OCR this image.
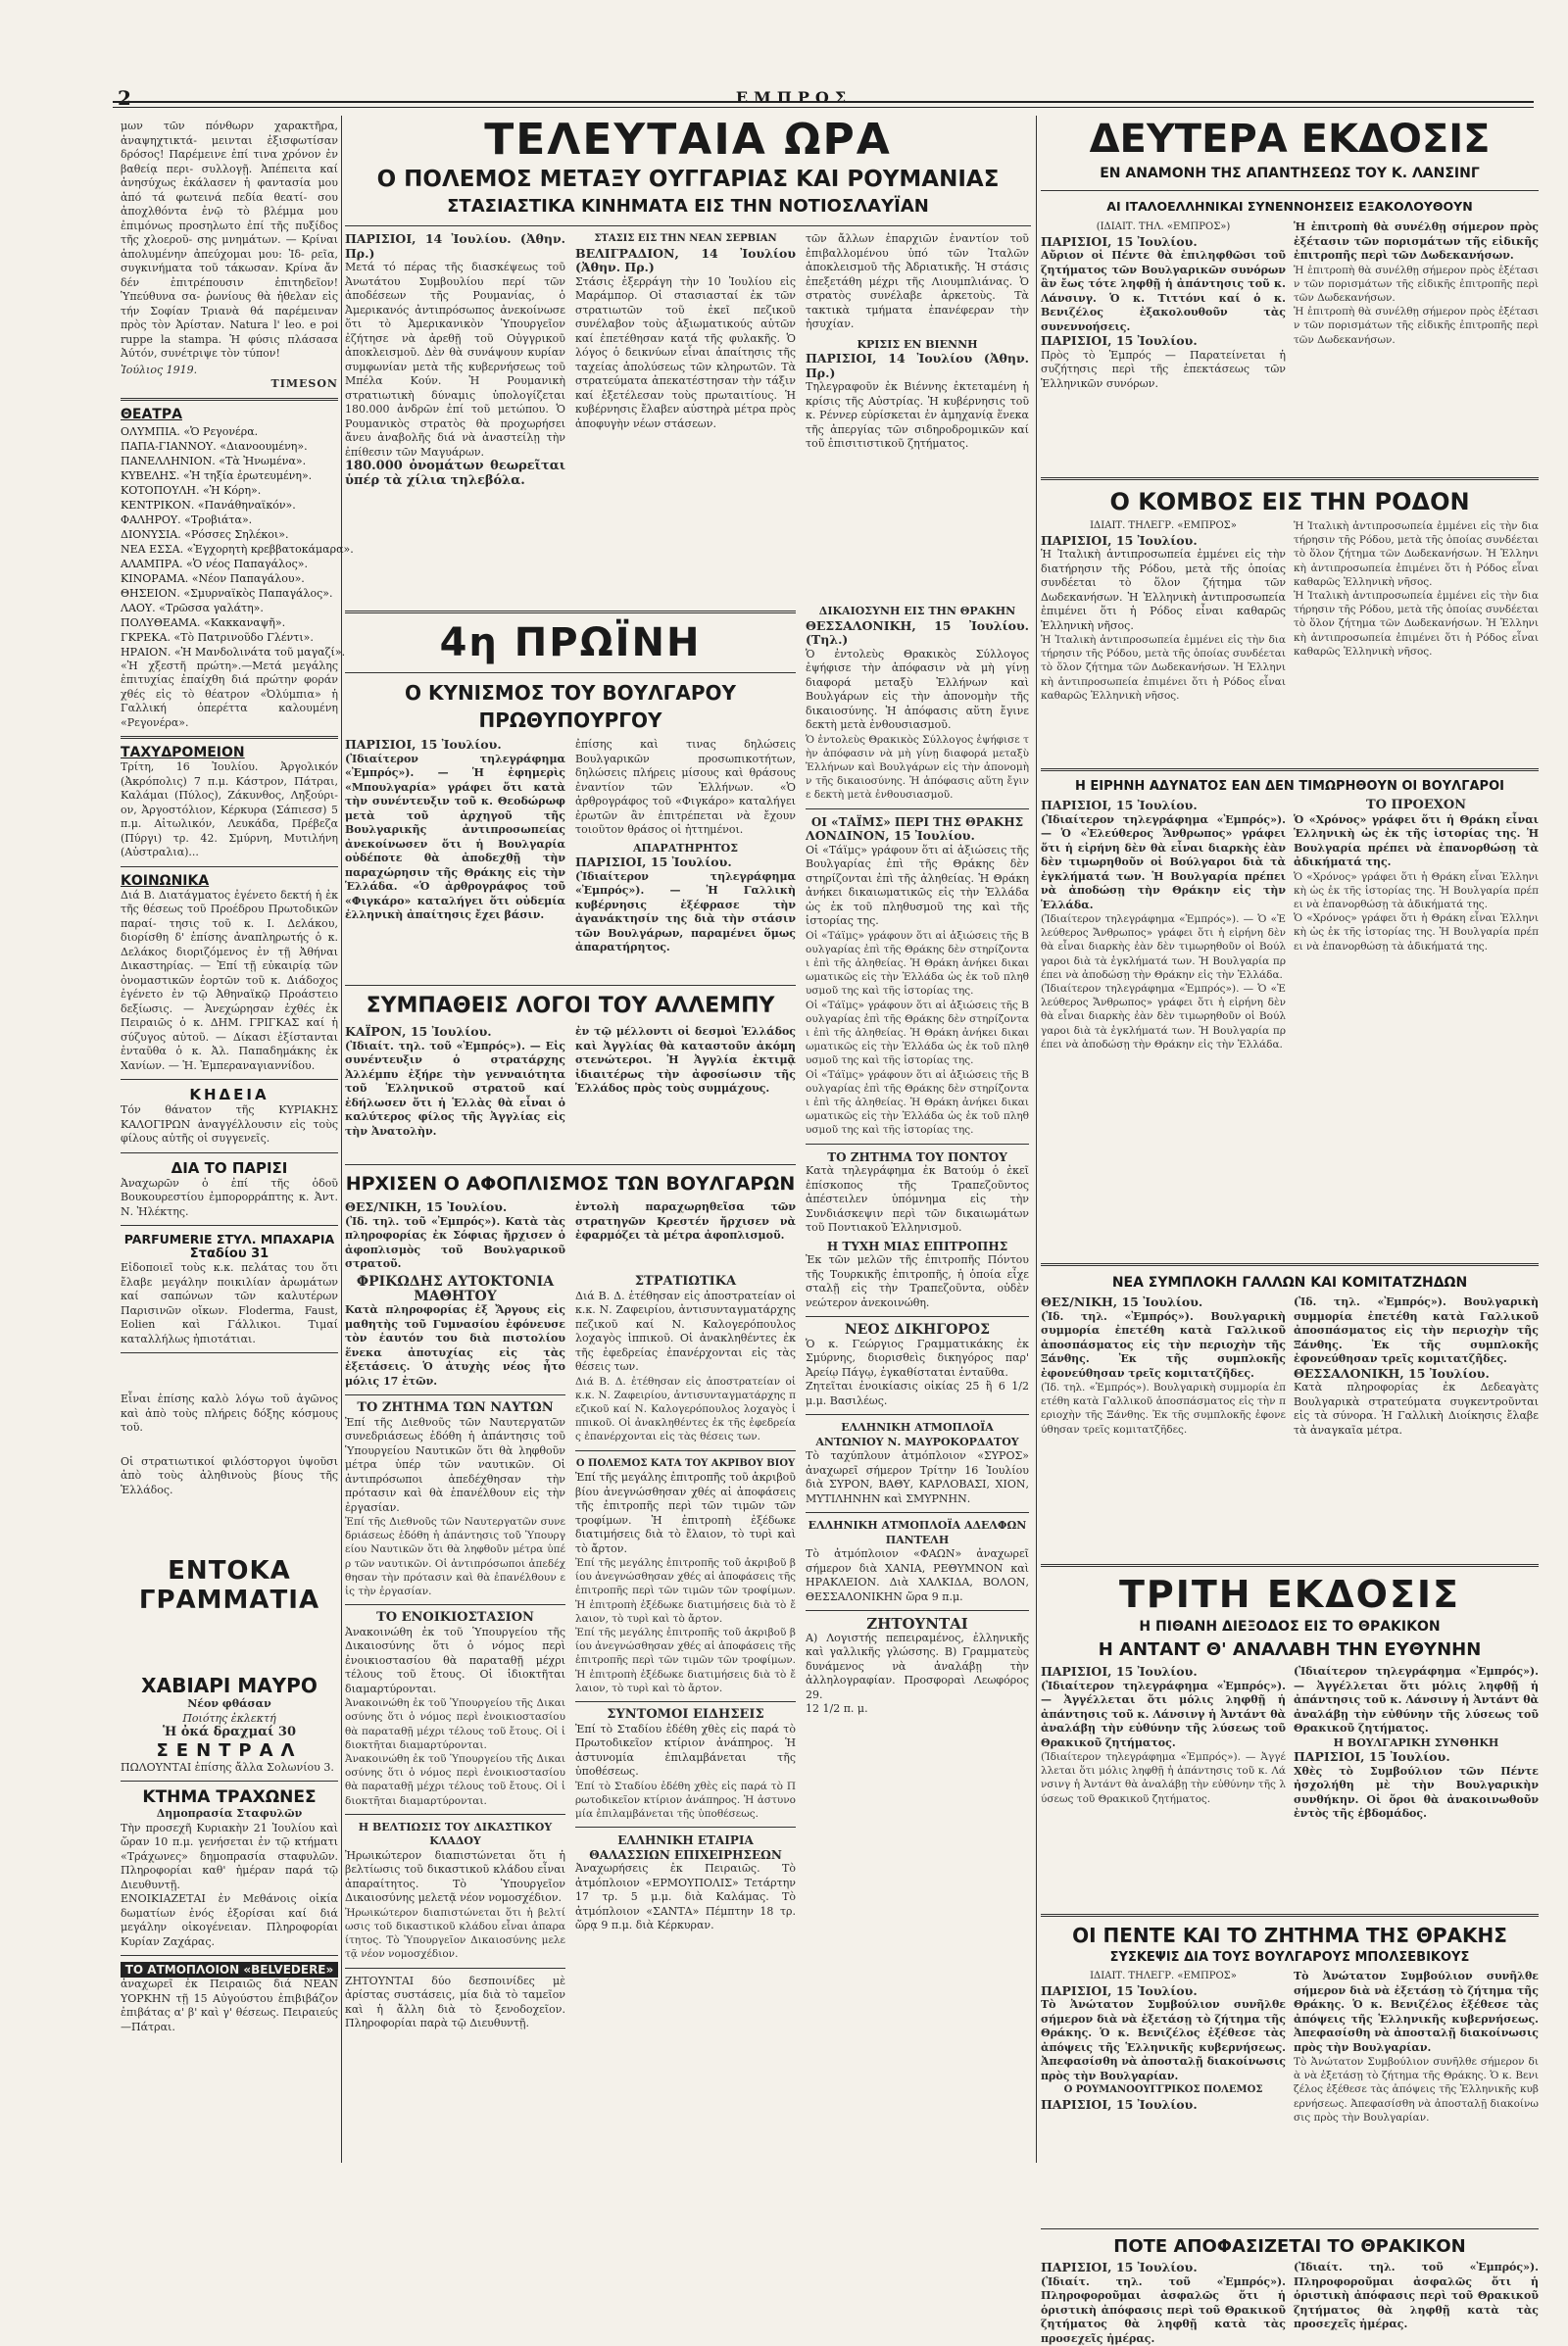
2	ΕΜΠΡΟΣ
μων τῶν πόνθωρν χαρακτῆρα, ἀναψηχτικτά- μεινται ἐξισφωτίσαν δρόσος! Παρέμεινε ἐπί τινα χρόνον ἐν βαθείᾳ περι- συλλογῇ. Ἀπέπειτα καί ἀνησύχως ἐκάλασεν ἡ φαντασία μου ἀπό τά φωτεινά πεδία θεατί- σου ἀποχλθόντα ἐνῷ τὸ βλέμμα μου ἐπιμόνως προσηλωτο ἐπί τῆς πυξίδος τῆς χλοεροῦ- σης μνημάτων. — Κρίναι ἀπολυμένην ἀπεύχομαι μου: Ἰδ- ρεῖα, συγκινήματα τοῦ τάκωσαν. Κρίνα ἄν δέν ἐπιτρέπουσιν ἐπιτηδεῖον! Ὑπεύθυνα σα- ῥωνίους θὰ ἠθελαν εἰς τήν Σοφίαν Τριανὰ θά παρέμειναν πρὸς τὸν Ἀρίσταν. Natura l' leo. e poi ruppe la stampa. Ἡ φύσις πλάσασα Ἀύτόν, συνέτριψε τὸν τύπον!
Ἰούλιος 1919.
TIMESON
ΘΕΑΤΡΑ
ΟΛΥΜΠΙΑ. «Ὁ Ρεγονέρα.
ΠΑΠΑ-ΓΙΑΝΝΟΥ. «Διανοουμένη».
ΠΑΝΕΛΛΗΝΙΟΝ. «Τὰ Ἠνωμένα».
ΚΥΒΕΛΗΣ. «Ἡ τηξία ἐρωτευμένη».
ΚΟΤΟΠΟΥΛΗ. «Ἡ Κόρη».
ΚΕΝΤΡΙΚΟΝ. «Πανάθηναϊκόν».
ΦΑΛΗΡΟΥ. «Τροβιάτα».
ΔΙΟΝΥΣΙΑ. «Ρόσσες Σηλέκοι».
ΝΕΑ ΕΣΣΑ. «Ἐγχορητὴ κρεββατοκάμαρα».
ΑΛΑΜΠΡΑ. «Ὁ νέος Παπαγάλος».
ΚΙΝΟΡΑΜΑ. «Νέον Παπαγάλου».
ΘΗΣΕΙΟΝ. «Σμυρναϊκὸς Παπαγάλος».
ΛΑΟΥ. «Τρῶσσα γαλάτη».
ΠΟΛΥΘΕΑΜΑ. «Κακκαναψῆ».
ΓΚΡΕΚΑ. «Τὸ Πατρινοῦδο Γλέντι».
ΗΡΑΙΟΝ. «Ἡ Μανδολινάτα τοῦ μαγαζί».
«Ἡ χξεστῆ πρώτη».—Μετά μεγάλης ἐπιτυχίας ἐπαίχθη διά πρώτην φοράν χθές εἰς τὸ θέατρον «Ὀλύμπια» ἡ Γαλλική ὀπερέττα καλουμένη «Ρεγονέρα».
ΤΑΧΥΔΡΟΜΕΙΟΝ
Τρίτη, 16 Ἰουλίου. Ἀργολικόν (Ἀκρόπολις) 7 π.μ. Κάστρον, Πάτραι, Καλάμαι (Πύλος), Ζάκυνθος, Ληξούρι- ον, Ἀργοστόλιον, Κέρκυρα (Σάπιεσσ) 5 π.μ. Αἰτωλικόν, Λευκάδα, Πρέβεζα (Πύργι) τρ. 42. Σμύρνη, Μυτιλήνη (Αὐστραλια)...
ΚΟΙΝΩΝΙΚΑ
Διά Β. Διατάγματος ἐγένετο δεκτή ἡ ἐκ τῆς θέσεως τοῦ Προέδρου Πρωτοδικῶν παραί- τησις τοῦ κ. Ι. Δελάκου, διορίσθη δ' ἐπίσης ἀναπληρωτής ὁ κ. Δελάκος διοριζόμενος ἐν τῇ Ἀθήναι Δικαστηρίας. — Ἐπί τῇ εὐκαιρίᾳ τῶν ὀνομαστικῶν ἑορτῶν τοῦ κ. Διάδοχος ἐγένετο ἐν τῷ Ἀθηναϊκῷ Προάστειο δεξίωσις. — Ἀνεχώρησαν ἐχθές ἐκ Πειραιῶς ὁ κ. ΔΗΜ. ΓΡΙΓΚΑΣ καί ἡ σύζυγος αὐτοῦ. — Δίκασι ἐξίστανται ἐνταῦθα ὁ κ. Ἀλ. Παπαδημάκης ἐκ Χανίων. — Ἡ. Ἐμπεραναγιαννίδου.
ΚΗΔΕΙΑ
Τόν θάνατον τῆς ΚΥΡΙΑΚΗΣ ΚΑΛΟΓΙΡΩΝ ἀναγγέλλουσιν εἰς τοὺς φίλους αὐτῆς οἱ συγγενεῖς.
ΔΙΑ ΤΟ ΠΑΡΙΣΙ
Ἀναχωρῶν ὁ ἐπί τῆς ὁδοῦ Βουκουρεστίου ἐμπορορράπτης κ. Ἀντ. Ν. Ἠλέκτης.
PARFUMERIE ΣΤΥΛ. ΜΠΑΧΑΡΙΑ
Σταδίου 31
Εἰδοποιεῖ τοὺς κ.κ. πελάτας του ὅτι ἔλαβε μεγάλην ποικιλίαν ἀρωμάτων καί σαπώνων τῶν καλυτέρων Παρισινῶν οἴκων. Floderma, Faust, Eolien καὶ Γάλλικοι. Τιμαί καταλλήλως ἠπιοτάτιαι.
Εἶναι ἐπίσης καλὸ λόγω τοῦ ἀγῶνος καὶ ἀπὸ τοὺς πλήρεις δόξης κόσμους τοῦ.
Οἱ στρατιωτικοί φιλόστοργοι ὑψοῦσι ἀπὸ τοὺς ἀληθινοὺς βίους τῆς Ἑλλάδος.
ΕΝΤΟΚΑ ΓΡΑΜΜΑΤΙΑ
ΧΑΒΙΑΡΙ ΜΑΥΡΟ
Νέον φθάσαν
Ποιότης ἐκλεκτή
Ἡ ὀκά δραχμαί 30
ΣΕΝΤΡΑΛ
ΠΩΛΟΥΝΤΑΙ ἐπίσης ἄλλα Σολωνίου 3.
ΚΤΗΜΑ ΤΡΑΧΩΝΕΣ
Δημοπρασία Σταφυλῶν
Τὴν προσεχῆ Κυριακὴν 21 Ἰουλίου καὶ ὥραν 10 π.μ. γενήσεται ἐν τῷ κτήματι «Τράχωνες» δημοπρασία σταφυλῶν. Πληροφορίαι καθ' ἡμέραν παρά τῷ Διευθυντῇ.
ΕΝΟΙΚΙΑΖΕΤΑΙ ἐν Μεθάνοις οἰκία δωματίων ἐνός ἐξορίσαι καί διά μεγάλην οἰκογένειαν. Πληροφορίαι Κυρίαν Ζαχάρας.
ΤΟ ΑΤΜΟΠΛΟΙΟΝ «BELVEDERE»
ἀναχωρεῖ ἐκ Πειραιῶς διά ΝΕΑΝ ΥΟΡΚΗΝ τῇ 15 Αὐγούστου ἐπιβιβάζον ἐπιβάτας α' β' καὶ γ' θέσεως. Πειραιεύς—Πάτραι.
ΤΕΛΕΥΤΑΙΑ ΩΡΑ
Ο ΠΟΛΕΜΟΣ ΜΕΤΑΞΥ ΟΥΓΓΑΡΙΑΣ ΚΑΙ ΡΟΥΜΑΝΙΑΣ
ΣΤΑΣΙΑΣΤΙΚΑ ΚΙΝΗΜΑΤΑ ΕΙΣ ΤΗΝ ΝΟΤΙΟΣΛΑΥΪΑΝ
ΠΑΡΙΣΙΟΙ, 14 Ἰουλίου. (Ἀθην. Πρ.)
Μετά τό πέρας τῆς διασκέψεως τοῦ Ἀνωτάτου Συμβουλίου περί τῶν ἀποδέσεων τῆς Ρουμανίας, ὁ Ἀμερικανός ἀντιπρόσωπος ἀνεκοίνωσε ὅτι τὸ Ἀμερικανικὸν Ὑπουργεῖον ἐζήτησε νὰ ἀρεθῇ τοῦ Οὐγγρικοῦ ἀποκλεισμοῦ. Δὲν θὰ συνάψουν κυρίαν συμφωνίαν μετὰ τῆς κυβερνήσεως τοῦ Μπέλα Κούν. Ἡ Ρουμανικὴ στρατιωτικὴ δύναμις ὑπολογίζεται 180.000 ἀνδρῶν ἐπί τοῦ μετώπου. Ὁ Ρουμανικὸς στρατὸς θὰ προχωρήσει ἄνευ ἀναβολῆς διά νὰ ἀναστείλῃ τὴν ἐπίθεσιν τῶν Μαγυάρων.
180.000 ὀνομάτων θεωρεῖται ὑπέρ τὰ χίλια τηλεβόλα.
ΣΤΑΣΙΣ ΕΙΣ ΤΗΝ ΝΕΑΝ ΣΕΡΒΙΑΝ
ΒΕΛΙΓΡΑΔΙΟΝ, 14 Ἰουλίου (Ἀθην. Πρ.)
Στάσις ἐξερράγη τὴν 10 Ἰουλίου εἰς Μαράμπορ. Οἱ στασιασταί ἐκ τῶν στρατιωτῶν τοῦ ἐκεῖ πεζικοῦ συνέλαβον τοὺς ἀξιωματικούς αὐτῶν καί ἐπετέθησαν κατά τῆς φυλακῆς. Ὁ λόγος ὁ δεικνύων εἶναι ἀπαίτησις τῆς ταχείας ἀπολύσεως τῶν κληρωτῶν. Τὰ στρατεύματα ἀπεκατέστησαν τὴν τάξιν καί ἐξετέλεσαν τοὺς πρωταιτίους. Ἡ κυβέρνησις ἔλαβεν αὐστηρὰ μέτρα πρὸς ἀποφυγὴν νέων στάσεων.
τῶν ἄλλων ἐπαρχιῶν ἐναντίον τοῦ ἐπιβαλλομένου ὑπό τῶν Ἰταλῶν ἀποκλεισμοῦ τῆς Ἀδριατικῆς. Ἡ στάσις ἐπεξετάθη μέχρι τῆς Λιουμπλιάνας. Ὁ στρατὸς συνέλαβε ἀρκετοὺς. Τὰ τακτικὰ τμήματα ἐπανέφεραν τὴν ἡσυχίαν.
ΚΡΙΣΙΣ ΕΝ ΒΙΕΝΝΗ
ΠΑΡΙΣΙΟΙ, 14 Ἰουλίου (Ἀθην. Πρ.)
Τηλεγραφοῦν ἐκ Βιέννης ἐκτεταμένη ἡ κρίσις τῆς Αὐστρίας. Ἡ κυβέρνησις τοῦ κ. Ρέννερ εὐρίσκεται ἐν ἀμηχανίᾳ ἕνεκα τῆς ἀπεργίας τῶν σιδηροδρομικῶν καί τοῦ ἐπισιτιστικοῦ ζητήματος.
4η ΠΡΩΪΝΗ
Ο ΚΥΝΙΣΜΟΣ ΤΟΥ ΒΟΥΛΓΑΡΟΥ ΠΡΩΘΥΠΟΥΡΓΟΥ
ΠΑΡΙΣΙΟΙ, 15 Ἰουλίου.
(Ἰδιαίτερον τηλεγράφημα «Ἐμπρός»). — Ἡ ἐφημερὶς «Μπουλγαρία» γράφει ὅτι κατὰ τὴν συνέντευξιν τοῦ κ. Θεοδώρωφ μετὰ τοῦ ἀρχηγοῦ τῆς Βουλγαρικῆς ἀντιπροσωπείας ἀνεκοίνωσεν ὅτι ἡ Βουλγαρία οὐδέποτε θὰ ἀποδεχθῇ τὴν παραχώρησιν τῆς Θράκης εἰς τὴν Ἑλλάδα. «Ὁ ἀρθρογράφος τοῦ «Φιγκάρο» καταλήγει ὅτι οὐδεμία ἑλληνικὴ ἀπαίτησις ἔχει βάσιν.
ἐπίσης καὶ τινας δηλώσεις Βουλγαρικῶν προσωπικοτήτων, δηλώσεις πλήρεις μίσους καὶ θράσους ἐναντίον τῶν Ἑλλήνων. «Ὁ ἀρθρογράφος τοῦ «Φιγκάρο» καταλήγει ἐρωτῶν ἂν ἐπιτρέπεται νὰ ἔχουν τοιοῦτον θράσος οἱ ἡττημένοι.
ΑΠΑΡΑΤΗΡΗΤΟΣ
ΠΑΡΙΣΙΟΙ, 15 Ἰουλίου.
(Ἰδιαίτερον τηλεγράφημα «Ἐμπρός»). — Ἡ Γαλλικὴ κυβέρνησις ἐξέφρασε τὴν ἀγανάκτησίν της διὰ τὴν στάσιν τῶν Βουλγάρων, παραμένει ὅμως ἀπαρατήρητος.
ΣΥΜΠΑΘΕΙΣ ΛΟΓΟΙ ΤΟΥ ΑΛΛΕΜΠΥ
ΚΑΪΡΟΝ, 15 Ἰουλίου.
(Ἰδιαίτ. τηλ. τοῦ «Ἐμπρός»). — Εἰς συνέντευξιν ὁ στρατάρχης Ἀλλέμπυ ἐξήρε τὴν γενναιότητα τοῦ Ἑλληνικοῦ στρατοῦ καί ἐδήλωσεν ὅτι ἡ Ἑλλὰς θὰ εἶναι ὁ καλύτερος φίλος τῆς Ἀγγλίας εἰς τὴν Ἀνατολὴν.
ἐν τῷ μέλλοντι οἱ δεσμοὶ Ἑλλάδος καὶ Ἀγγλίας θὰ καταστοῦν ἀκόμη στενώτεροι. Ἡ Ἀγγλία ἐκτιμᾷ ἰδιαιτέρως τὴν ἀφοσίωσιν τῆς Ἑλλάδος πρὸς τοὺς συμμάχους.
ΗΡΧΙΣΕΝ Ο ΑΦΟΠΛΙΣΜΟΣ ΤΩΝ ΒΟΥΛΓΑΡΩΝ
ΘΕΣ/ΝΙΚΗ, 15 Ἰουλίου.
(Ἰδ. τηλ. τοῦ «Ἐμπρός»). Κατὰ τὰς πληροφορίας ἐκ Σόφιας ἤρχισεν ὁ ἀφοπλισμὸς τοῦ Βουλγαρικοῦ στρατοῦ.
ἐντολὴ παραχωρηθεῖσα τῶν στρατηγῶν Κρεστέν ἤρχισεν νὰ ἐφαρμόζει τὰ μέτρα ἀφοπλισμοῦ.
ΦΡΙΚΩΔΗΣ ΑΥΤΟΚΤΟΝΙΑ ΜΑΘΗΤΟΥ
Κατὰ πληροφορίας ἐξ Ἄργους εἰς μαθητὴς τοῦ Γυμνασίου ἐφόνευσε τὸν ἑαυτόν του διὰ πιστολίου ἕνεκα ἀποτυχίας εἰς τὰς ἐξετάσεις. Ὁ ἀτυχὴς νέος ἦτο μόλις 17 ἐτῶν.
ΤΟ ΖΗΤΗΜΑ ΤΩΝ ΝΑΥΤΩΝ
Ἐπί τῆς Διεθνοῦς τῶν Ναυτεργατῶν συνεδριάσεως ἐδόθη ἡ ἀπάντησις τοῦ Ὑπουργείου Ναυτικῶν ὅτι θὰ ληφθοῦν μέτρα ὑπέρ τῶν ναυτικῶν. Οἱ ἀντιπρόσωποι ἀπεδέχθησαν τὴν πρότασιν καὶ θὰ ἐπανέλθουν εἰς τὴν ἐργασίαν.
Ἐπί τῆς Διεθνοῦς τῶν Ναυτεργατῶν συνεδριάσεως ἐδόθη ἡ ἀπάντησις τοῦ Ὑπουργείου Ναυτικῶν ὅτι θὰ ληφθοῦν μέτρα ὑπέρ τῶν ναυτικῶν. Οἱ ἀντιπρόσωποι ἀπεδέχθησαν τὴν πρότασιν καὶ θὰ ἐπανέλθουν εἰς τὴν ἐργασίαν.
ΤΟ ΕΝΟΙΚΙΟΣΤΑΣΙΟΝ
Ἀνακοινώθη ἐκ τοῦ Ὑπουργείου τῆς Δικαιοσύνης ὅτι ὁ νόμος περὶ ἐνοικιοστασίου θὰ παραταθῇ μέχρι τέλους τοῦ ἔτους. Οἱ ἰδιοκτῆται διαμαρτύρονται.
Ἀνακοινώθη ἐκ τοῦ Ὑπουργείου τῆς Δικαιοσύνης ὅτι ὁ νόμος περὶ ἐνοικιοστασίου θὰ παραταθῇ μέχρι τέλους τοῦ ἔτους. Οἱ ἰδιοκτῆται διαμαρτύρονται.
Ἀνακοινώθη ἐκ τοῦ Ὑπουργείου τῆς Δικαιοσύνης ὅτι ὁ νόμος περὶ ἐνοικιοστασίου θὰ παραταθῇ μέχρι τέλους τοῦ ἔτους. Οἱ ἰδιοκτῆται διαμαρτύρονται.
Η ΒΕΛΤΙΩΣΙΣ ΤΟΥ ΔΙΚΑΣΤΙΚΟΥ ΚΛΑΔΟΥ
Ἠρωικώτερον διαπιστώνεται ὅτι ἡ βελτίωσις τοῦ δικαστικοῦ κλάδου εἶναι ἀπαραίτητος. Τὸ Ὑπουργεῖον Δικαιοσύνης μελετᾷ νέον νομοσχέδιον.
Ἠρωικώτερον διαπιστώνεται ὅτι ἡ βελτίωσις τοῦ δικαστικοῦ κλάδου εἶναι ἀπαραίτητος. Τὸ Ὑπουργεῖον Δικαιοσύνης μελετᾷ νέον νομοσχέδιον.
ΖΗΤΟΥΝΤΑΙ δύο δεσποινίδες μὲ ἀρίστας συστάσεις, μία διὰ τὸ ταμεῖον καὶ ἡ ἄλλη διὰ τὸ ξενοδοχεῖον. Πληροφορίαι παρὰ τῷ Διευθυντῇ.
ΣΤΡΑΤΙΩΤΙΚΑ
Διά Β. Δ. ἐτέθησαν εἰς ἀποστρατείαν οἱ κ.κ. Ν. Ζαφειρίου, ἀντισυνταγματάρχης πεζικοῦ καί Ν. Καλογερόπουλος λοχαγὸς ἱππικοῦ. Οἱ ἀνακληθέντες ἐκ τῆς ἐφεδρείας ἐπανέρχονται εἰς τὰς θέσεις των.
Διά Β. Δ. ἐτέθησαν εἰς ἀποστρατείαν οἱ κ.κ. Ν. Ζαφειρίου, ἀντισυνταγματάρχης πεζικοῦ καί Ν. Καλογερόπουλος λοχαγὸς ἱππικοῦ. Οἱ ἀνακληθέντες ἐκ τῆς ἐφεδρείας ἐπανέρχονται εἰς τὰς θέσεις των.
Ο ΠΟΛΕΜΟΣ ΚΑΤΑ ΤΟΥ ΑΚΡΙΒΟΥ ΒΙΟΥ
Ἐπί τῆς μεγάλης ἐπιτροπῆς τοῦ ἀκριβοῦ βίου ἀνεγνώσθησαν χθές αἱ ἀποφάσεις τῆς ἐπιτροπῆς περὶ τῶν τιμῶν τῶν τροφίμων. Ἡ ἐπιτροπὴ ἐξέδωκε διατιμήσεις διὰ τὸ ἔλαιον, τὸ τυρὶ καὶ τὸ ἄρτον.
Ἐπί τῆς μεγάλης ἐπιτροπῆς τοῦ ἀκριβοῦ βίου ἀνεγνώσθησαν χθές αἱ ἀποφάσεις τῆς ἐπιτροπῆς περὶ τῶν τιμῶν τῶν τροφίμων. Ἡ ἐπιτροπὴ ἐξέδωκε διατιμήσεις διὰ τὸ ἔλαιον, τὸ τυρὶ καὶ τὸ ἄρτον.
Ἐπί τῆς μεγάλης ἐπιτροπῆς τοῦ ἀκριβοῦ βίου ἀνεγνώσθησαν χθές αἱ ἀποφάσεις τῆς ἐπιτροπῆς περὶ τῶν τιμῶν τῶν τροφίμων. Ἡ ἐπιτροπὴ ἐξέδωκε διατιμήσεις διὰ τὸ ἔλαιον, τὸ τυρὶ καὶ τὸ ἄρτον.
ΣΥΝΤΟΜΟΙ ΕΙΔΗΣΕΙΣ
Ἐπί τὸ Σταδίου ἐδέθη χθὲς εἰς παρά τὸ Πρωτοδικεῖον κτίριον ἀνάπηρος. Ἡ ἀστυνομία ἐπιλαμβάνεται τῆς ὑποθέσεως.
Ἐπί τὸ Σταδίου ἐδέθη χθὲς εἰς παρά τὸ Πρωτοδικεῖον κτίριον ἀνάπηρος. Ἡ ἀστυνομία ἐπιλαμβάνεται τῆς ὑποθέσεως.
ΕΛΛΗΝΙΚΗ ΕΤΑΙΡΙΑ ΘΑΛΑΣΣΙΩΝ ΕΠΙΧΕΙΡΗΣΕΩΝ
Ἀναχωρήσεις ἐκ Πειραιῶς. Τὸ ἀτμόπλοιον «ΕΡΜΟΥΠΟΛΙΣ» Τετάρτην 17 τρ. 5 μ.μ. διὰ Καλάμας. Τὸ ἀτμόπλοιον «ΣΑΝΤΑ» Πέμπτην 18 τρ. ὥρᾳ 9 π.μ. διὰ Κέρκυραν.
ΔΙΚΑΙΟΣΥΝΗ ΕΙΣ ΤΗΝ ΘΡΑΚΗΝ
ΘΕΣΣΑΛΟΝΙΚΗ, 15 Ἰουλίου. (Τηλ.)
Ὁ ἐντολεὺς Θρακικὸς Σύλλογος ἐψήφισε τὴν ἀπόφασιν νὰ μὴ γίνῃ διαφορά μεταξὺ Ἑλλήνων καὶ Βουλγάρων εἰς τὴν ἀπονομὴν τῆς δικαιοσύνης. Ἡ ἀπόφασις αὕτη ἔγινε δεκτὴ μετὰ ἐνθουσιασμοῦ.
Ὁ ἐντολεὺς Θρακικὸς Σύλλογος ἐψήφισε τὴν ἀπόφασιν νὰ μὴ γίνῃ διαφορά μεταξὺ Ἑλλήνων καὶ Βουλγάρων εἰς τὴν ἀπονομὴν τῆς δικαιοσύνης. Ἡ ἀπόφασις αὕτη ἔγινε δεκτὴ μετὰ ἐνθουσιασμοῦ.
ΟΙ «ΤΑΪΜΣ» ΠΕΡΙ ΤΗΣ ΘΡΑΚΗΣ
ΛΟΝΔΙΝΟΝ, 15 Ἰουλίου.
Οἱ «Τάϊμς» γράφουν ὅτι αἱ ἀξιώσεις τῆς Βουλγαρίας ἐπὶ τῆς Θράκης δὲν στηρίζονται ἐπὶ τῆς ἀληθείας. Ἡ Θράκη ἀνήκει δικαιωματικῶς εἰς τὴν Ἑλλάδα ὡς ἐκ τοῦ πληθυσμοῦ της καὶ τῆς ἱστορίας της.
Οἱ «Τάϊμς» γράφουν ὅτι αἱ ἀξιώσεις τῆς Βουλγαρίας ἐπὶ τῆς Θράκης δὲν στηρίζονται ἐπὶ τῆς ἀληθείας. Ἡ Θράκη ἀνήκει δικαιωματικῶς εἰς τὴν Ἑλλάδα ὡς ἐκ τοῦ πληθυσμοῦ της καὶ τῆς ἱστορίας της.
Οἱ «Τάϊμς» γράφουν ὅτι αἱ ἀξιώσεις τῆς Βουλγαρίας ἐπὶ τῆς Θράκης δὲν στηρίζονται ἐπὶ τῆς ἀληθείας. Ἡ Θράκη ἀνήκει δικαιωματικῶς εἰς τὴν Ἑλλάδα ὡς ἐκ τοῦ πληθυσμοῦ της καὶ τῆς ἱστορίας της.
Οἱ «Τάϊμς» γράφουν ὅτι αἱ ἀξιώσεις τῆς Βουλγαρίας ἐπὶ τῆς Θράκης δὲν στηρίζονται ἐπὶ τῆς ἀληθείας. Ἡ Θράκη ἀνήκει δικαιωματικῶς εἰς τὴν Ἑλλάδα ὡς ἐκ τοῦ πληθυσμοῦ της καὶ τῆς ἱστορίας της.
ΤΟ ΖΗΤΗΜΑ ΤΟΥ ΠΟΝΤΟΥ
Κατὰ τηλεγράφημα ἐκ Βατούμ ὁ ἐκεῖ ἐπίσκοπος τῆς Τραπεζοῦντος ἀπέστειλεν ὑπόμνημα εἰς τὴν Συνδιάσκεψιν περὶ τῶν δικαιωμάτων τοῦ Ποντιακοῦ Ἑλληνισμοῦ.
Η ΤΥΧΗ ΜΙΑΣ ΕΠΙΤΡΟΠΗΣ
Ἐκ τῶν μελῶν τῆς ἐπιτροπῆς Πόντου τῆς Τουρκικῆς ἐπιτροπῆς, ἡ ὁποία εἶχε σταλῇ εἰς τὴν Τραπεζοῦντα, οὐδὲν νεώτερον ἀνεκοινώθη.
ΝΕΟΣ ΔΙΚΗΓΟΡΟΣ
Ὁ κ. Γεώργιος Γραμματικάκης ἐκ Σμύρνης, διορισθεὶς δικηγόρος παρ' Ἀρείῳ Πάγῳ, ἐγκαθίσταται ἐνταῦθα.
Ζητεῖται ἐνοικίασις οἰκίας 25 ἢ 6 1/2 μ.μ. Βασιλέως.
ΕΛΛΗΝΙΚΗ ΑΤΜΟΠΛΟΪΑ ΑΝΤΩΝΙΟΥ Ν. ΜΑΥΡΟΚΟΡΔΑΤΟΥ
Τὸ ταχύπλουν ἀτμόπλοιον «ΣΥΡΟΣ» ἀναχωρεῖ σήμερον Τρίτην 16 Ἰουλίου διὰ ΣΥΡΟΝ, ΒΑΘΥ, ΚΑΡΛΟΒΑΣΙ, ΧΙΟΝ, ΜΥΤΙΛΗΝΗΝ καὶ ΣΜΥΡΝΗΝ.
ΕΛΛΗΝΙΚΗ ΑΤΜΟΠΛΟΪΑ ΑΔΕΛΦΩΝ ΠΑΝΤΕΛΗ
Τὸ ἀτμόπλοιον «ΦΑΩΝ» ἀναχωρεῖ σήμερον διὰ ΧΑΝΙΑ, ΡΕΘΥΜΝΟΝ καὶ ΗΡΑΚΛΕΙΟΝ. Διὰ ΧΑΛΚΙΔΑ, ΒΟΛΟΝ, ΘΕΣΣΑΛΟΝΙΚΗΝ ὥρα 9 π.μ.
ΖΗΤΟΥΝΤΑΙ
Α) Λογιστής πεπειραμένος, ἐλληνικῆς καὶ γαλλικῆς γλώσσης. Β) Γραμματεὺς δυνάμενος νὰ ἀναλάβῃ τὴν ἀλληλογραφίαν. Προσφοραὶ Λεωφόρος 29.
12 1/2 π. μ.
ΔΕΥΤΕΡΑ ΕΚΔΟΣΙΣ
ΕΝ ΑΝΑΜΟΝΗ ΤΗΣ ΑΠΑΝΤΗΣΕΩΣ ΤΟΥ Κ. ΛΑΝΣΙΝΓ
ΑΙ ΙΤΑΛΟΕΛΛΗΝΙΚΑΙ ΣΥΝΕΝΝΟΗΣΕΙΣ ΕΞΑΚΟΛΟΥΘΟΥΝ
(ΙΔΙΑΙΤ. ΤΗΛ. «ΕΜΠΡΟΣ»)
ΠΑΡΙΣΙΟΙ, 15 Ἰουλίου.
Αὔριον οἱ Πέντε θὰ ἐπιληφθῶσι τοῦ ζητήματος τῶν Βουλγαρικῶν συνόρων ἂν ἔως τότε ληφθῇ ἡ ἀπάντησις τοῦ κ. Λάνσινγ. Ὁ κ. Τιττόνι καί ὁ κ. Βενιζέλος ἐξακολουθοῦν τὰς συνεννοήσεις.
ΠΑΡΙΣΙΟΙ, 15 Ἰουλίου.
Πρὸς τὸ Ἐμπρός — Παρατείνεται ἡ συζήτησις περὶ τῆς ἐπεκτάσεως τῶν Ἑλληνικῶν συνόρων.
Ἡ ἐπιτροπὴ θὰ συνέλθῃ σήμερον πρὸς ἐξέτασιν τῶν πορισμάτων τῆς εἰδικῆς ἐπιτροπῆς περὶ τῶν Δωδεκανήσων.
Ἡ ἐπιτροπὴ θὰ συνέλθῃ σήμερον πρὸς ἐξέτασιν τῶν πορισμάτων τῆς εἰδικῆς ἐπιτροπῆς περὶ τῶν Δωδεκανήσων.
Ἡ ἐπιτροπὴ θὰ συνέλθῃ σήμερον πρὸς ἐξέτασιν τῶν πορισμάτων τῆς εἰδικῆς ἐπιτροπῆς περὶ τῶν Δωδεκανήσων.
Ο ΚΟΜΒΟΣ ΕΙΣ ΤΗΝ ΡΟΔΟΝ
ΙΔΙΑΙΤ. ΤΗΛΕΓΡ. «ΕΜΠΡΟΣ»
ΠΑΡΙΣΙΟΙ, 15 Ἰουλίου.
Ἡ Ἰταλικὴ ἀντιπροσωπεία ἐμμένει εἰς τὴν διατήρησιν τῆς Ρόδου, μετὰ τῆς ὁποίας συνδέεται τὸ ὅλον ζήτημα τῶν Δωδεκανήσων. Ἡ Ἑλληνικὴ ἀντιπροσωπεία ἐπιμένει ὅτι ἡ Ρόδος εἶναι καθαρῶς Ἑλληνικὴ νῆσος.
Ἡ Ἰταλικὴ ἀντιπροσωπεία ἐμμένει εἰς τὴν διατήρησιν τῆς Ρόδου, μετὰ τῆς ὁποίας συνδέεται τὸ ὅλον ζήτημα τῶν Δωδεκανήσων. Ἡ Ἑλληνικὴ ἀντιπροσωπεία ἐπιμένει ὅτι ἡ Ρόδος εἶναι καθαρῶς Ἑλληνικὴ νῆσος.
Ἡ Ἰταλικὴ ἀντιπροσωπεία ἐμμένει εἰς τὴν διατήρησιν τῆς Ρόδου, μετὰ τῆς ὁποίας συνδέεται τὸ ὅλον ζήτημα τῶν Δωδεκανήσων. Ἡ Ἑλληνικὴ ἀντιπροσωπεία ἐπιμένει ὅτι ἡ Ρόδος εἶναι καθαρῶς Ἑλληνικὴ νῆσος.
Ἡ Ἰταλικὴ ἀντιπροσωπεία ἐμμένει εἰς τὴν διατήρησιν τῆς Ρόδου, μετὰ τῆς ὁποίας συνδέεται τὸ ὅλον ζήτημα τῶν Δωδεκανήσων. Ἡ Ἑλληνικὴ ἀντιπροσωπεία ἐπιμένει ὅτι ἡ Ρόδος εἶναι καθαρῶς Ἑλληνικὴ νῆσος.
Η ΕΙΡΗΝΗ ΑΔΥΝΑΤΟΣ ΕΑΝ ΔΕΝ ΤΙΜΩΡΗΘΟΥΝ ΟΙ ΒΟΥΛΓΑΡΟΙ
ΠΑΡΙΣΙΟΙ, 15 Ἰουλίου.
(Ἰδιαίτερον τηλεγράφημα «Ἐμπρός»). — Ὁ «Ἐλεύθερος Ἄνθρωπος» γράφει ὅτι ἡ εἰρήνη δὲν θὰ εἶναι διαρκὴς ἐὰν δὲν τιμωρηθοῦν οἱ Βούλγαροι διὰ τὰ ἐγκλήματά των. Ἡ Βουλγαρία πρέπει νὰ ἀποδώσῃ τὴν Θράκην εἰς τὴν Ἑλλάδα.
(Ἰδιαίτερον τηλεγράφημα «Ἐμπρός»). — Ὁ «Ἐλεύθερος Ἄνθρωπος» γράφει ὅτι ἡ εἰρήνη δὲν θὰ εἶναι διαρκὴς ἐὰν δὲν τιμωρηθοῦν οἱ Βούλγαροι διὰ τὰ ἐγκλήματά των. Ἡ Βουλγαρία πρέπει νὰ ἀποδώσῃ τὴν Θράκην εἰς τὴν Ἑλλάδα.
(Ἰδιαίτερον τηλεγράφημα «Ἐμπρός»). — Ὁ «Ἐλεύθερος Ἄνθρωπος» γράφει ὅτι ἡ εἰρήνη δὲν θὰ εἶναι διαρκὴς ἐὰν δὲν τιμωρηθοῦν οἱ Βούλγαροι διὰ τὰ ἐγκλήματά των. Ἡ Βουλγαρία πρέπει νὰ ἀποδώσῃ τὴν Θράκην εἰς τὴν Ἑλλάδα.
ΤΟ ΠΡΟΕΧΟΝ
Ὁ «Χρόνος» γράφει ὅτι ἡ Θράκη εἶναι Ἑλληνικὴ ὡς ἐκ τῆς ἱστορίας της. Ἡ Βουλγαρία πρέπει νὰ ἐπανορθώσῃ τὰ ἀδικήματά της.
Ὁ «Χρόνος» γράφει ὅτι ἡ Θράκη εἶναι Ἑλληνικὴ ὡς ἐκ τῆς ἱστορίας της. Ἡ Βουλγαρία πρέπει νὰ ἐπανορθώσῃ τὰ ἀδικήματά της.
Ὁ «Χρόνος» γράφει ὅτι ἡ Θράκη εἶναι Ἑλληνικὴ ὡς ἐκ τῆς ἱστορίας της. Ἡ Βουλγαρία πρέπει νὰ ἐπανορθώσῃ τὰ ἀδικήματά της.
ΝΕΑ ΣΥΜΠΛΟΚΗ ΓΑΛΛΩΝ ΚΑΙ ΚΟΜΙΤΑΤΖΗΔΩΝ
ΘΕΣ/ΝΙΚΗ, 15 Ἰουλίου.
(Ἰδ. τηλ. «Ἐμπρός»). Βουλγαρικὴ συμμορία ἐπετέθη κατὰ Γαλλικοῦ ἀποσπάσματος εἰς τὴν περιοχὴν τῆς Ξάνθης. Ἐκ τῆς συμπλοκῆς ἐφονεύθησαν τρεῖς κομιτατζῆδες.
(Ἰδ. τηλ. «Ἐμπρός»). Βουλγαρικὴ συμμορία ἐπετέθη κατὰ Γαλλικοῦ ἀποσπάσματος εἰς τὴν περιοχὴν τῆς Ξάνθης. Ἐκ τῆς συμπλοκῆς ἐφονεύθησαν τρεῖς κομιτατζῆδες.
(Ἰδ. τηλ. «Ἐμπρός»). Βουλγαρικὴ συμμορία ἐπετέθη κατὰ Γαλλικοῦ ἀποσπάσματος εἰς τὴν περιοχὴν τῆς Ξάνθης. Ἐκ τῆς συμπλοκῆς ἐφονεύθησαν τρεῖς κομιτατζῆδες.
ΘΕΣΣΑΛΟΝΙΚΗ, 15 Ἰουλίου.
Κατὰ πληροφορίας ἐκ Δεδεαγὰτς Βουλγαρικὰ στρατεύματα συγκεντροῦνται εἰς τὰ σύνορα. Ἡ Γαλλικὴ Διοίκησις ἔλαβε τὰ ἀναγκαῖα μέτρα.
ΤΡΙΤΗ ΕΚΔΟΣΙΣ
Η ΠΙΘΑΝΗ ΔΙΕΞΟΔΟΣ ΕΙΣ ΤΟ ΘΡΑΚΙΚΟΝ
Η ΑΝΤΑΝΤ Θ' ΑΝΑΛΑΒΗ ΤΗΝ ΕΥΘΥΝΗΝ
ΠΑΡΙΣΙΟΙ, 15 Ἰουλίου.
(Ἰδιαίτερον τηλεγράφημα «Ἐμπρός»). — Ἀγγέλλεται ὅτι μόλις ληφθῇ ἡ ἀπάντησις τοῦ κ. Λάνσινγ ἡ Ἀντάντ θὰ ἀναλάβῃ τὴν εὐθύνην τῆς λύσεως τοῦ Θρακικοῦ ζητήματος.
(Ἰδιαίτερον τηλεγράφημα «Ἐμπρός»). — Ἀγγέλλεται ὅτι μόλις ληφθῇ ἡ ἀπάντησις τοῦ κ. Λάνσινγ ἡ Ἀντάντ θὰ ἀναλάβῃ τὴν εὐθύνην τῆς λύσεως τοῦ Θρακικοῦ ζητήματος.
(Ἰδιαίτερον τηλεγράφημα «Ἐμπρός»). — Ἀγγέλλεται ὅτι μόλις ληφθῇ ἡ ἀπάντησις τοῦ κ. Λάνσινγ ἡ Ἀντάντ θὰ ἀναλάβῃ τὴν εὐθύνην τῆς λύσεως τοῦ Θρακικοῦ ζητήματος.
Η ΒΟΥΛΓΑΡΙΚΗ ΣΥΝΘΗΚΗ
ΠΑΡΙΣΙΟΙ, 15 Ἰουλίου.
Χθὲς τὸ Συμβούλιον τῶν Πέντε ἠσχολήθη μὲ τὴν Βουλγαρικὴν συνθήκην. Οἱ ὅροι θὰ ἀνακοινωθοῦν ἐντὸς τῆς ἑβδομάδος.
ΟΙ ΠΕΝΤΕ ΚΑΙ ΤΟ ΖΗΤΗΜΑ ΤΗΣ ΘΡΑΚΗΣ
ΣΥΣΚΕΨΙΣ ΔΙΑ ΤΟΥΣ ΒΟΥΛΓΑΡΟΥΣ ΜΠΟΛΣΕΒΙΚΟΥΣ
ΙΔΙΑΙΤ. ΤΗΛΕΓΡ. «ΕΜΠΡΟΣ»
ΠΑΡΙΣΙΟΙ, 15 Ἰουλίου.
Τὸ Ἀνώτατον Συμβούλιον συνῆλθε σήμερον διὰ νὰ ἐξετάσῃ τὸ ζήτημα τῆς Θράκης. Ὁ κ. Βενιζέλος ἐξέθεσε τὰς ἀπόψεις τῆς Ἑλληνικῆς κυβερνήσεως. Ἀπεφασίσθη νὰ ἀποσταλῇ διακοίνωσις πρὸς τὴν Βουλγαρίαν.
Ο ΡΟΥΜΑΝΟΟΥΓΓΡΙΚΟΣ ΠΟΛΕΜΟΣ
ΠΑΡΙΣΙΟΙ, 15 Ἰουλίου.
Τὸ Ἀνώτατον Συμβούλιον συνῆλθε σήμερον διὰ νὰ ἐξετάσῃ τὸ ζήτημα τῆς Θράκης. Ὁ κ. Βενιζέλος ἐξέθεσε τὰς ἀπόψεις τῆς Ἑλληνικῆς κυβερνήσεως. Ἀπεφασίσθη νὰ ἀποσταλῇ διακοίνωσις πρὸς τὴν Βουλγαρίαν.
Τὸ Ἀνώτατον Συμβούλιον συνῆλθε σήμερον διὰ νὰ ἐξετάσῃ τὸ ζήτημα τῆς Θράκης. Ὁ κ. Βενιζέλος ἐξέθεσε τὰς ἀπόψεις τῆς Ἑλληνικῆς κυβερνήσεως. Ἀπεφασίσθη νὰ ἀποσταλῇ διακοίνωσις πρὸς τὴν Βουλγαρίαν.
ΠΟΤΕ ΑΠΟΦΑΣΙΖΕΤΑΙ ΤΟ ΘΡΑΚΙΚΟΝ
ΠΑΡΙΣΙΟΙ, 15 Ἰουλίου.
(Ἰδιαίτ. τηλ. τοῦ «Ἐμπρός»). Πληροφοροῦμαι ἀσφαλῶς ὅτι ἡ ὁριστικὴ ἀπόφασις περὶ τοῦ Θρακικοῦ ζητήματος θὰ ληφθῇ κατὰ τὰς προσεχεῖς ἡμέρας.
(Ἰδιαίτ. τηλ. τοῦ «Ἐμπρός»). Πληροφοροῦμαι ἀσφαλῶς ὅτι ἡ ὁριστικὴ ἀπόφασις περὶ τοῦ Θρακικοῦ ζητήματος θὰ ληφθῇ κατὰ τὰς προσεχεῖς ἡμέρας.
